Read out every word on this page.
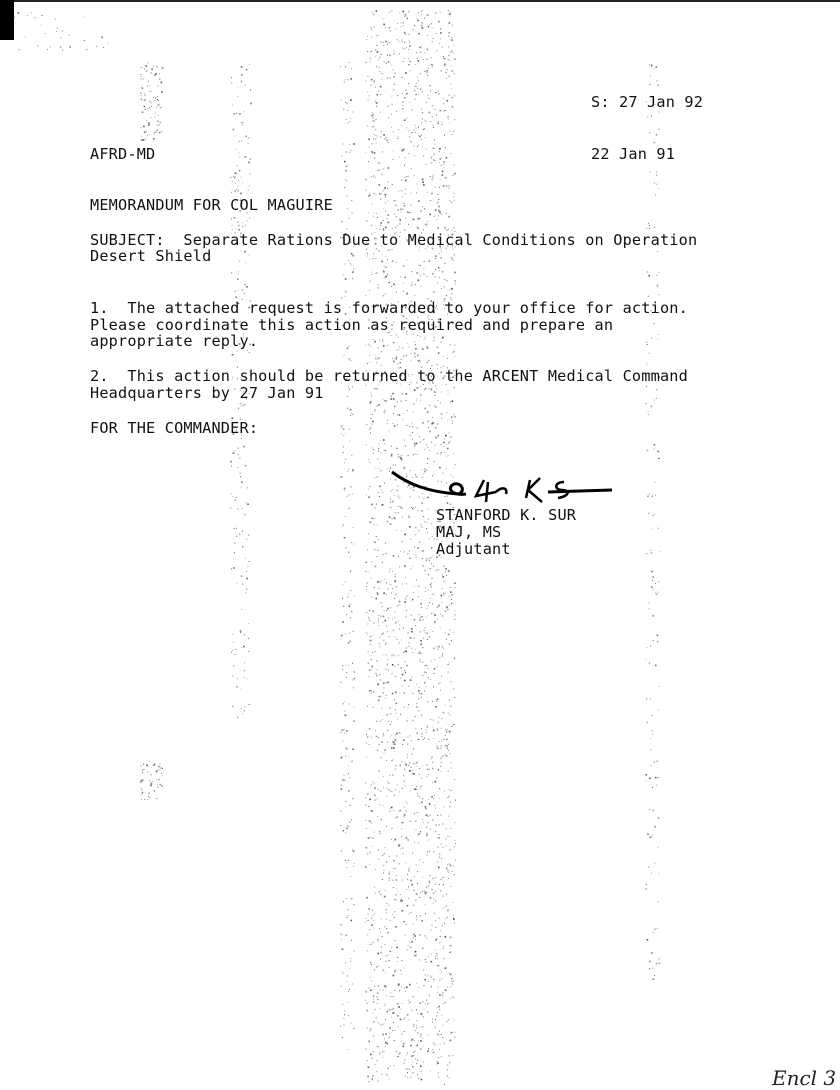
S: 27 Jan 92
AFRD-MD	22 Jan 91
MEMORANDUM FOR COL MAGUIRE
SUBJECT:  Separate Rations Due to Medical Conditions on Operation
Desert Shield
1.  The attached request is forwarded to your office for action.
Please coordinate this action as required and prepare an
appropriate reply.
2.  This action should be returned to the ARCENT Medical Command
Headquarters by 27 Jan 91
FOR THE COMMANDER:
STANFORD K. SUR
MAJ, MS
Adjutant
Encl 3
